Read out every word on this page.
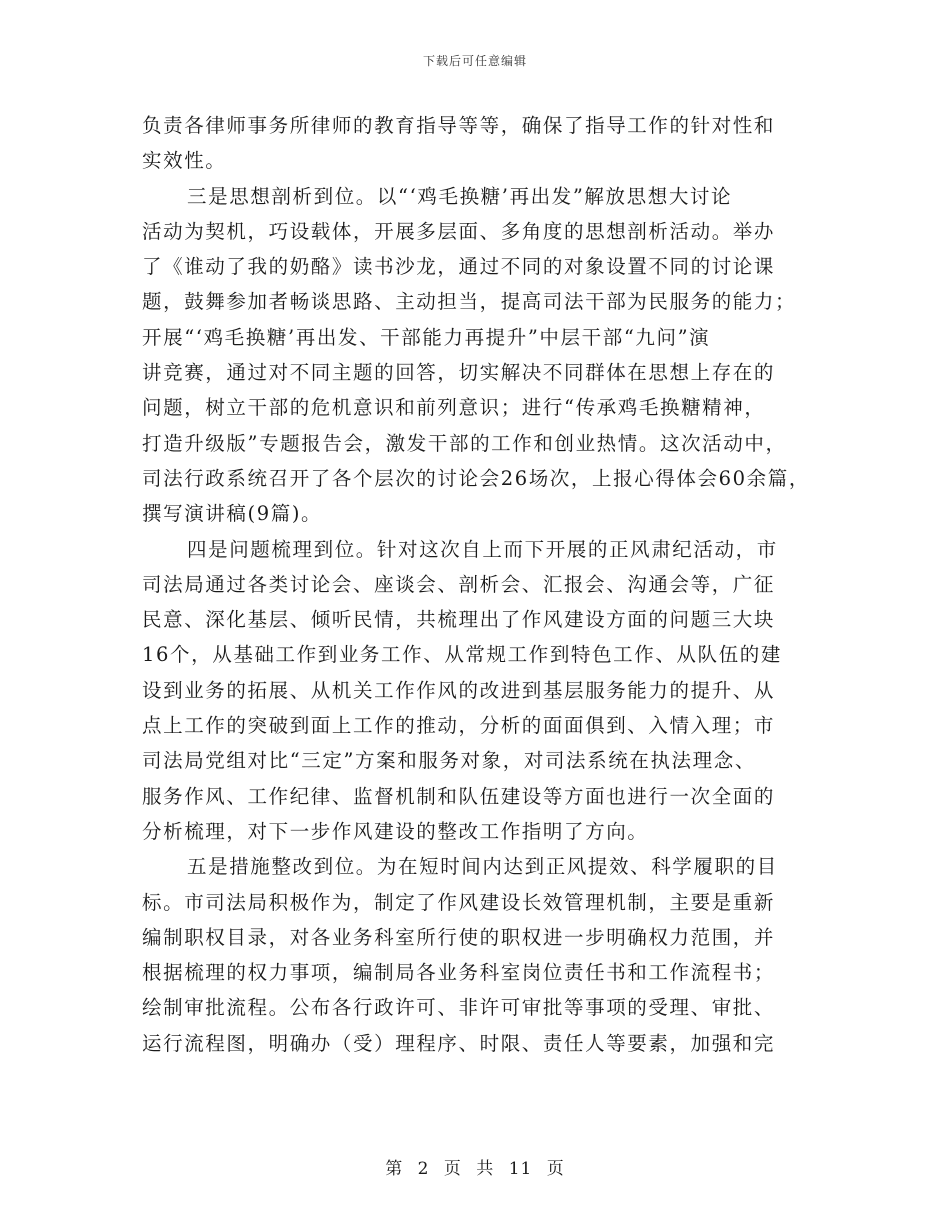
下载后可任意编辑
负责各律师事务所律师的教育指导等等，确保了指导工作的针对性和
实效性。
三是思想剖析到位。以“‘鸡毛换糖’再出发”解放思想大讨论
活动为契机，巧设载体，开展多层面、多角度的思想剖析活动。举办
了《谁动了我的奶酪》读书沙龙，通过不同的对象设置不同的讨论课
题，鼓舞参加者畅谈思路、主动担当，提高司法干部为民服务的能力；
开展“‘鸡毛换糖’再出发、干部能力再提升”中层干部“九问”演
讲竞赛，通过对不同主题的回答，切实解决不同群体在思想上存在的
问题，树立干部的危机意识和前列意识；进行“传承鸡毛换糖精神，
打造升级版”专题报告会，激发干部的工作和创业热情。这次活动中，
司法行政系统召开了各个层次的讨论会26场次，上报心得体会60余篇，
撰写演讲稿(9篇)。
四是问题梳理到位。针对这次自上而下开展的正风肃纪活动，市
司法局通过各类讨论会、座谈会、剖析会、汇报会、沟通会等，广征
民意、深化基层、倾听民情，共梳理出了作风建设方面的问题三大块
16个，从基础工作到业务工作、从常规工作到特色工作、从队伍的建
设到业务的拓展、从机关工作作风的改进到基层服务能力的提升、从
点上工作的突破到面上工作的推动，分析的面面俱到、入情入理；市
司法局党组对比“三定”方案和服务对象，对司法系统在执法理念、
服务作风、工作纪律、监督机制和队伍建设等方面也进行一次全面的
分析梳理，对下一步作风建设的整改工作指明了方向。
五是措施整改到位。为在短时间内达到正风提效、科学履职的目
标。市司法局积极作为，制定了作风建设长效管理机制，主要是重新
编制职权目录，对各业务科室所行使的职权进一步明确权力范围，并
根据梳理的权力事项，编制局各业务科室岗位责任书和工作流程书；
绘制审批流程。公布各行政许可、非许可审批等事项的受理、审批、
运行流程图，明确办（受）理程序、时限、责任人等要素，加强和完
第 2 页 共 11 页
